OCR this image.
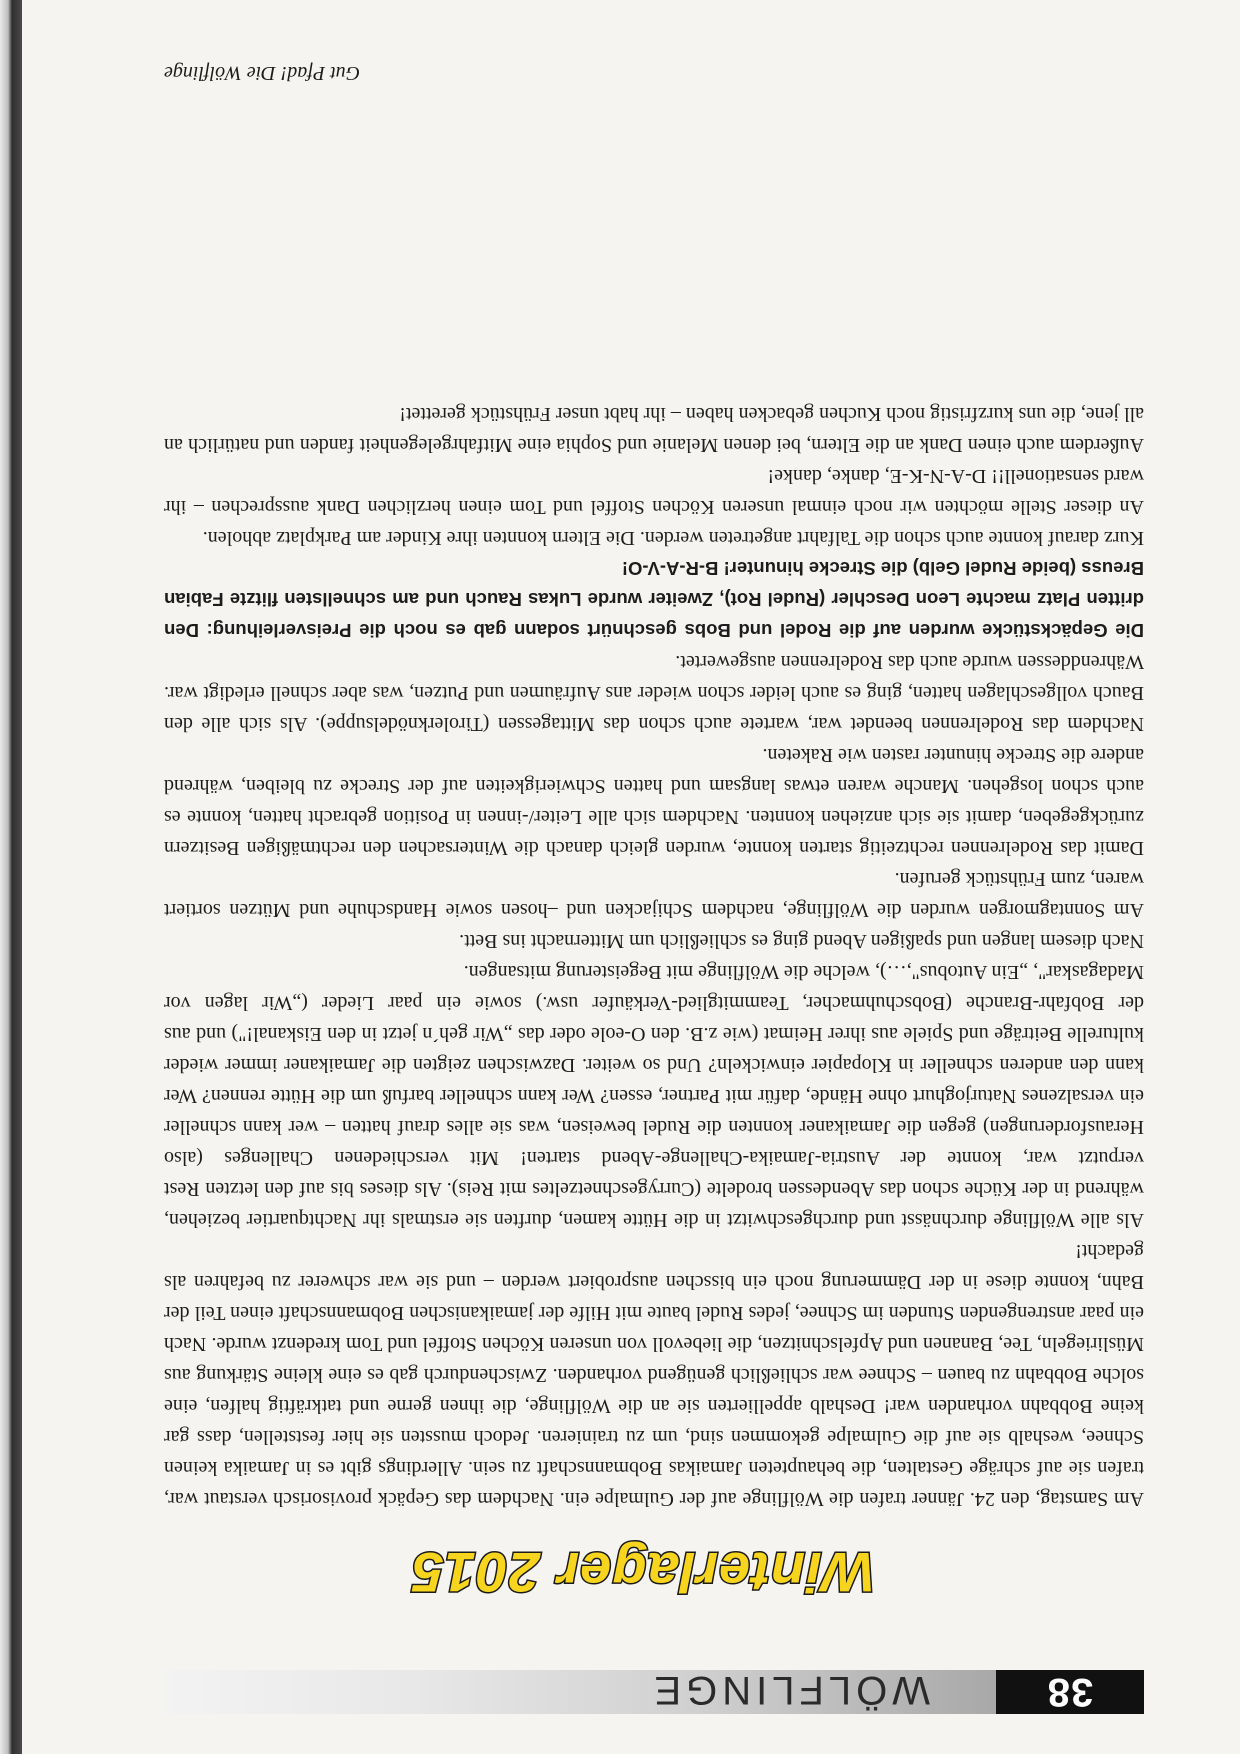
38
WÖLFLINGE
Winterlager 2015

Am Samstag, den 24. Jänner trafen die Wölflinge auf der Gulmalpe ein. Nachdem das Gepäck provisorisch verstaut war, trafen sie auf schräge Gestalten, die behaupteten Jamaikas Bobmannschaft zu sein. Allerdings gibt es in Jamaika keinen Schnee, weshalb sie auf die Gulmalpe gekommen sind, um zu trainieren. Jedoch mussten sie hier feststellen, dass gar keine Bobbahn vorhanden war! Deshalb appellierten sie an die Wölflinge, die ihnen gerne und tatkräftig halfen, eine solche Bobbahn zu bauen – Schnee war schließlich genügend vorhanden. Zwischendurch gab es eine kleine Stärkung aus Müsliriegeln, Tee, Bananen und Apfelschnitzen, die liebevoll von unseren Köchen Stoffel und Tom kredenzt wurde. Nach ein paar anstrengenden Stunden im Schnee, jedes Rudel baute mit Hilfe der jamaikanischen Bobmannschaft einen Teil der Bahn, konnte diese in der Dämmerung noch ein bisschen ausprobiert werden – und sie war schwerer zu befahren als gedacht!

Als alle Wölflinge durchnässt und durchgeschwitzt in die Hütte kamen, durften sie erstmals ihr Nachtquartier beziehen, während in der Küche schon das Abendessen brodelte (Currygeschnetzeltes mit Reis). Als dieses bis auf den letzten Rest verputzt war, konnte der Austria-Jamaika-Challenge-Abend starten! Mit verschiedenen Challenges (also Herausforderungen) gegen die Jamaikaner konnten die Rudel beweisen, was sie alles drauf hatten – wer kann schneller ein versalzenes Naturjoghurt ohne Hände, dafür mit Partner, essen? Wer kann schneller barfuß um die Hütte rennen? Wer kann den anderen schneller in Klopapier einwickeln? Und so weiter. Dazwischen zeigten die Jamaikaner immer wieder kulturelle Beiträge und Spiele aus ihrer Heimat (wie z.B. den O-eole oder das „Wir geh´n jetzt in den Eiskanal!") und aus der Bobfahr-Branche (Bobschuhmacher, Teammitglied-Verkäufer usw.) sowie ein paar Lieder („Wir lagen vor Madagaskar", „Ein Autobus",…), welche die Wölflinge mit Begeisterung mitsangen.

Nach diesem langen und spaßigen Abend ging es schließlich um Mitternacht ins Bett.

Am Sonntagmorgen wurden die Wölflinge, nachdem Schijacken und –hosen sowie Handschuhe und Mützen sortiert waren, zum Frühstück gerufen.

Damit das Rodelrennen rechtzeitig starten konnte, wurden gleich danach die Wintersachen den rechtmäßigen Besitzern zurückgegeben, damit sie sich anziehen konnten. Nachdem sich alle Leiter/-innen in Position gebracht hatten, konnte es auch schon losgehen. Manche waren etwas langsam und hatten Schwierigkeiten auf der Strecke zu bleiben, während andere die Strecke hinunter rasten wie Raketen.

Nachdem das Rodelrennen beendet war, wartete auch schon das Mittagessen (Tirolerknödelsuppe). Als sich alle den Bauch vollgeschlagen hatten, ging es auch leider schon wieder ans Aufräumen und Putzen, was aber schnell erledigt war. Währenddessen wurde auch das Rodelrennen ausgewertet.

Die Gepäckstücke wurden auf die Rodel und Bobs geschnürt sodann gab es noch die Preisverleihung: Den dritten Platz machte Leon Deschler (Rudel Rot), Zweiter wurde Lukas Rauch und am schnellsten flitzte Fabian Breuss (beide Rudel Gelb) die Strecke hinunter! B-R-A-V-O!

Kurz darauf konnte auch schon die Talfahrt angetreten werden. Die Eltern konnten ihre Kinder am Parkplatz abholen.

An dieser Stelle möchten wir noch einmal unseren Köchen Stoffel und Tom einen herzlichen Dank aussprechen – ihr ward sensationell!! D-A-N-K-E, danke, danke!

Außerdem auch einen Dank an die Eltern, bei denen Melanie und Sophia eine Mitfahrgelegenheit fanden und natürlich an all jene, die uns kurzfristig noch Kuchen gebacken haben – ihr habt unser Frühstück gerettet!

Gut Pfad! Die Wölflinge
